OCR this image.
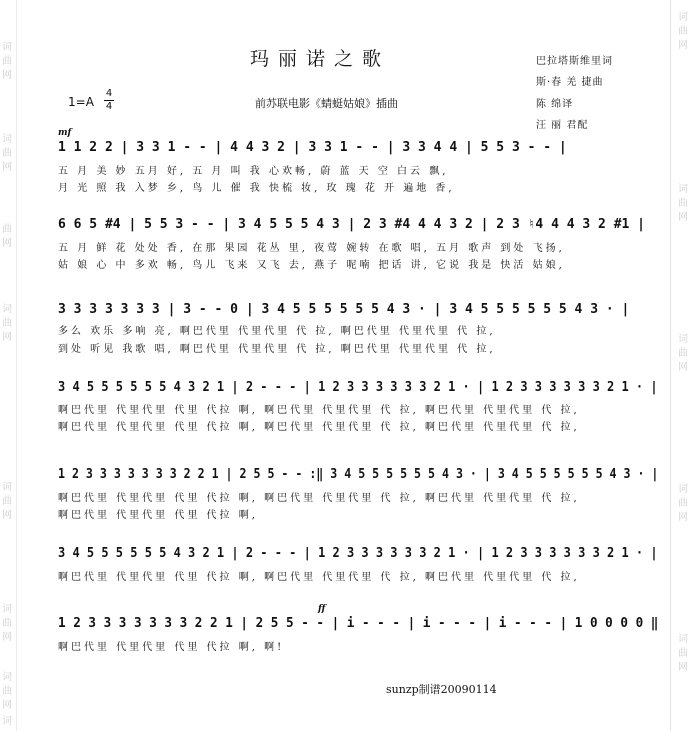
词
曲
网
词
曲
网
词
曲
网
词
曲
网
词
曲
网
词
曲
网
词
曲
网
词
曲
网
词
曲
网
词
曲
网
词
曲
网
词
曲
网
玛丽诺之歌	巴拉塔斯维里词
斯·春 羌 捷曲
陈 绵译
汪 丽 君配
1=A
4
4	前苏联电影《蜻蜓姑娘》插曲
mf
1 1 2 2 | 3 3 1 - - | 4 4 3 2 | 3 3 1 - - | 3 3 4 4 | 5 5 3 - - |
五 月 美 妙 五月 好, 五 月 叫 我 心欢畅, 蔚 蓝 天 空 白云 飘,
月 光 照 我 入梦 乡, 鸟 儿 催 我 快梳 妆, 玫 瑰 花 开 遍地 香,
6 6 5 #4 | 5 5 3 - - | 3 4 5 5 5 4 3 | 2 3 #4 4 4 3 2 | 2 3 ♮4 4 4 3 2 #1 |
五 月 鲜 花 处处 香, 在那 果园 花丛 里, 夜莺 婉转 在歌 唱, 五月 歌声 到处 飞扬,
姑 娘 心 中 多欢 畅, 鸟儿 飞来 又飞 去, 燕子 呢喃 把话 讲, 它说 我是 快活 姑娘,
3 3 3 3 3 3 3 | 3 - - 0 | 3 4 5 5 5 5 5 5 4 3 · | 3 4 5 5 5 5 5 5 4 3 · |
多么 欢乐 多响 亮, 啊巴代里 代里代里 代 拉, 啊巴代里 代里代里 代 拉,
到处 听见 我歌 唱, 啊巴代里 代里代里 代 拉, 啊巴代里 代里代里 代 拉,
3 4 5 5 5 5 5 5 4 3 2 1 | 2 - - - | 1 2 3 3 3 3 3 3 2 1 · | 1 2 3 3 3 3 3 3 2 1 · |
啊巴代里 代里代里 代里 代拉 啊, 啊巴代里 代里代里 代 拉, 啊巴代里 代里代里 代 拉,
啊巴代里 代里代里 代里 代拉 啊, 啊巴代里 代里代里 代 拉, 啊巴代里 代里代里 代 拉,
1 2 3 3 3 3 3 3 3 2 2 1 | 2 5 5 - - :‖ 3 4 5 5 5 5 5 5 4 3 · | 3 4 5 5 5 5 5 5 4 3 · |
啊巴代里 代里代里 代里 代拉 啊, 啊巴代里 代里代里 代 拉, 啊巴代里 代里代里 代 拉,
啊巴代里 代里代里 代里 代拉 啊,
3 4 5 5 5 5 5 5 4 3 2 1 | 2 - - - | 1 2 3 3 3 3 3 3 2 1 · | 1 2 3 3 3 3 3 3 2 1 · |
啊巴代里 代里代里 代里 代拉 啊, 啊巴代里 代里代里 代 拉, 啊巴代里 代里代里 代 拉,
ff
1 2 3 3 3 3 3 3 3 2 2 1 | 2 5 5 - - | i - - - | i - - - | i - - - | 1 0 0 0 0 ‖
啊巴代里 代里代里 代里 代拉 啊, 啊!
sunzp制谱20090114
